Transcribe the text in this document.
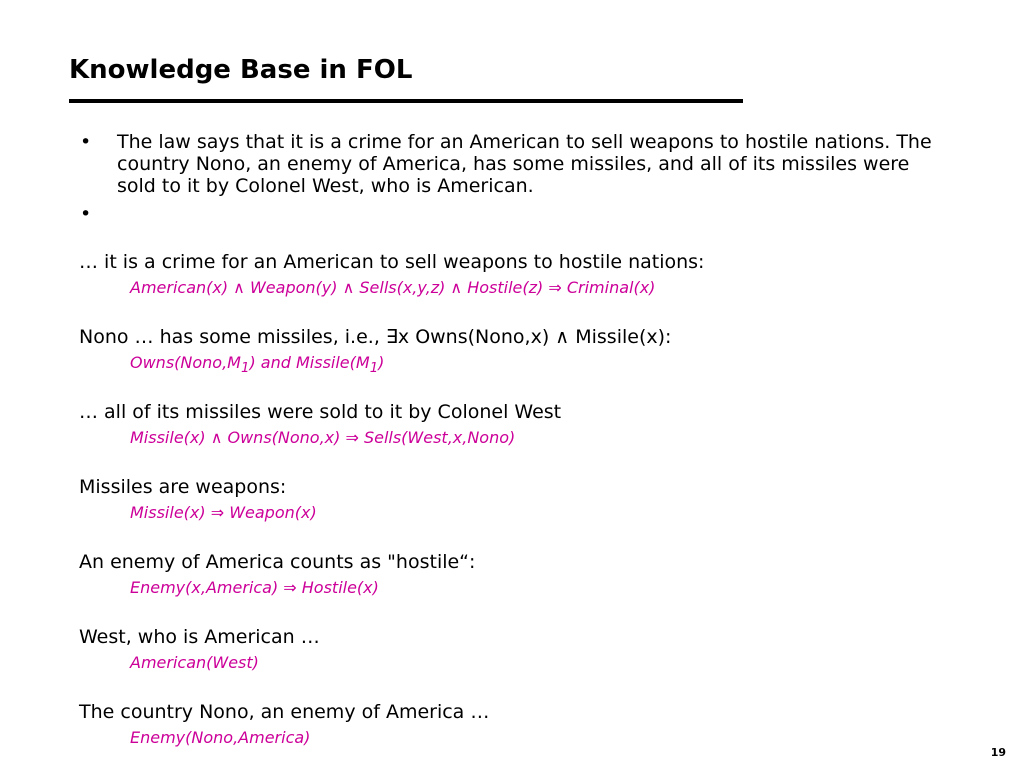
Knowledge Base in FOL
• The law says that it is a crime for an American to sell weapons to hostile nations. The country Nono, an enemy of America, has some missiles, and all of its missiles were sold to it by Colonel West, who is American.
•
… it is a crime for an American to sell weapons to hostile nations:
American(x) ∧ Weapon(y) ∧ Sells(x,y,z) ∧ Hostile(z) ⇒ Criminal(x)
Nono … has some missiles, i.e., ∃x Owns(Nono,x) ∧ Missile(x):
$Owns(Nono,M_1)$ and $Missile(M_1)$
… all of its missiles were sold to it by Colonel West
Missile(x) ∧ Owns(Nono,x) ⇒ Sells(West,x,Nono)
Missiles are weapons:
Missile(x) ⇒ Weapon(x)
An enemy of America counts as "hostile“:
Enemy(x,America) ⇒ Hostile(x)
West, who is American …
American(West)
The country Nono, an enemy of America …
Enemy(Nono,America)
19
